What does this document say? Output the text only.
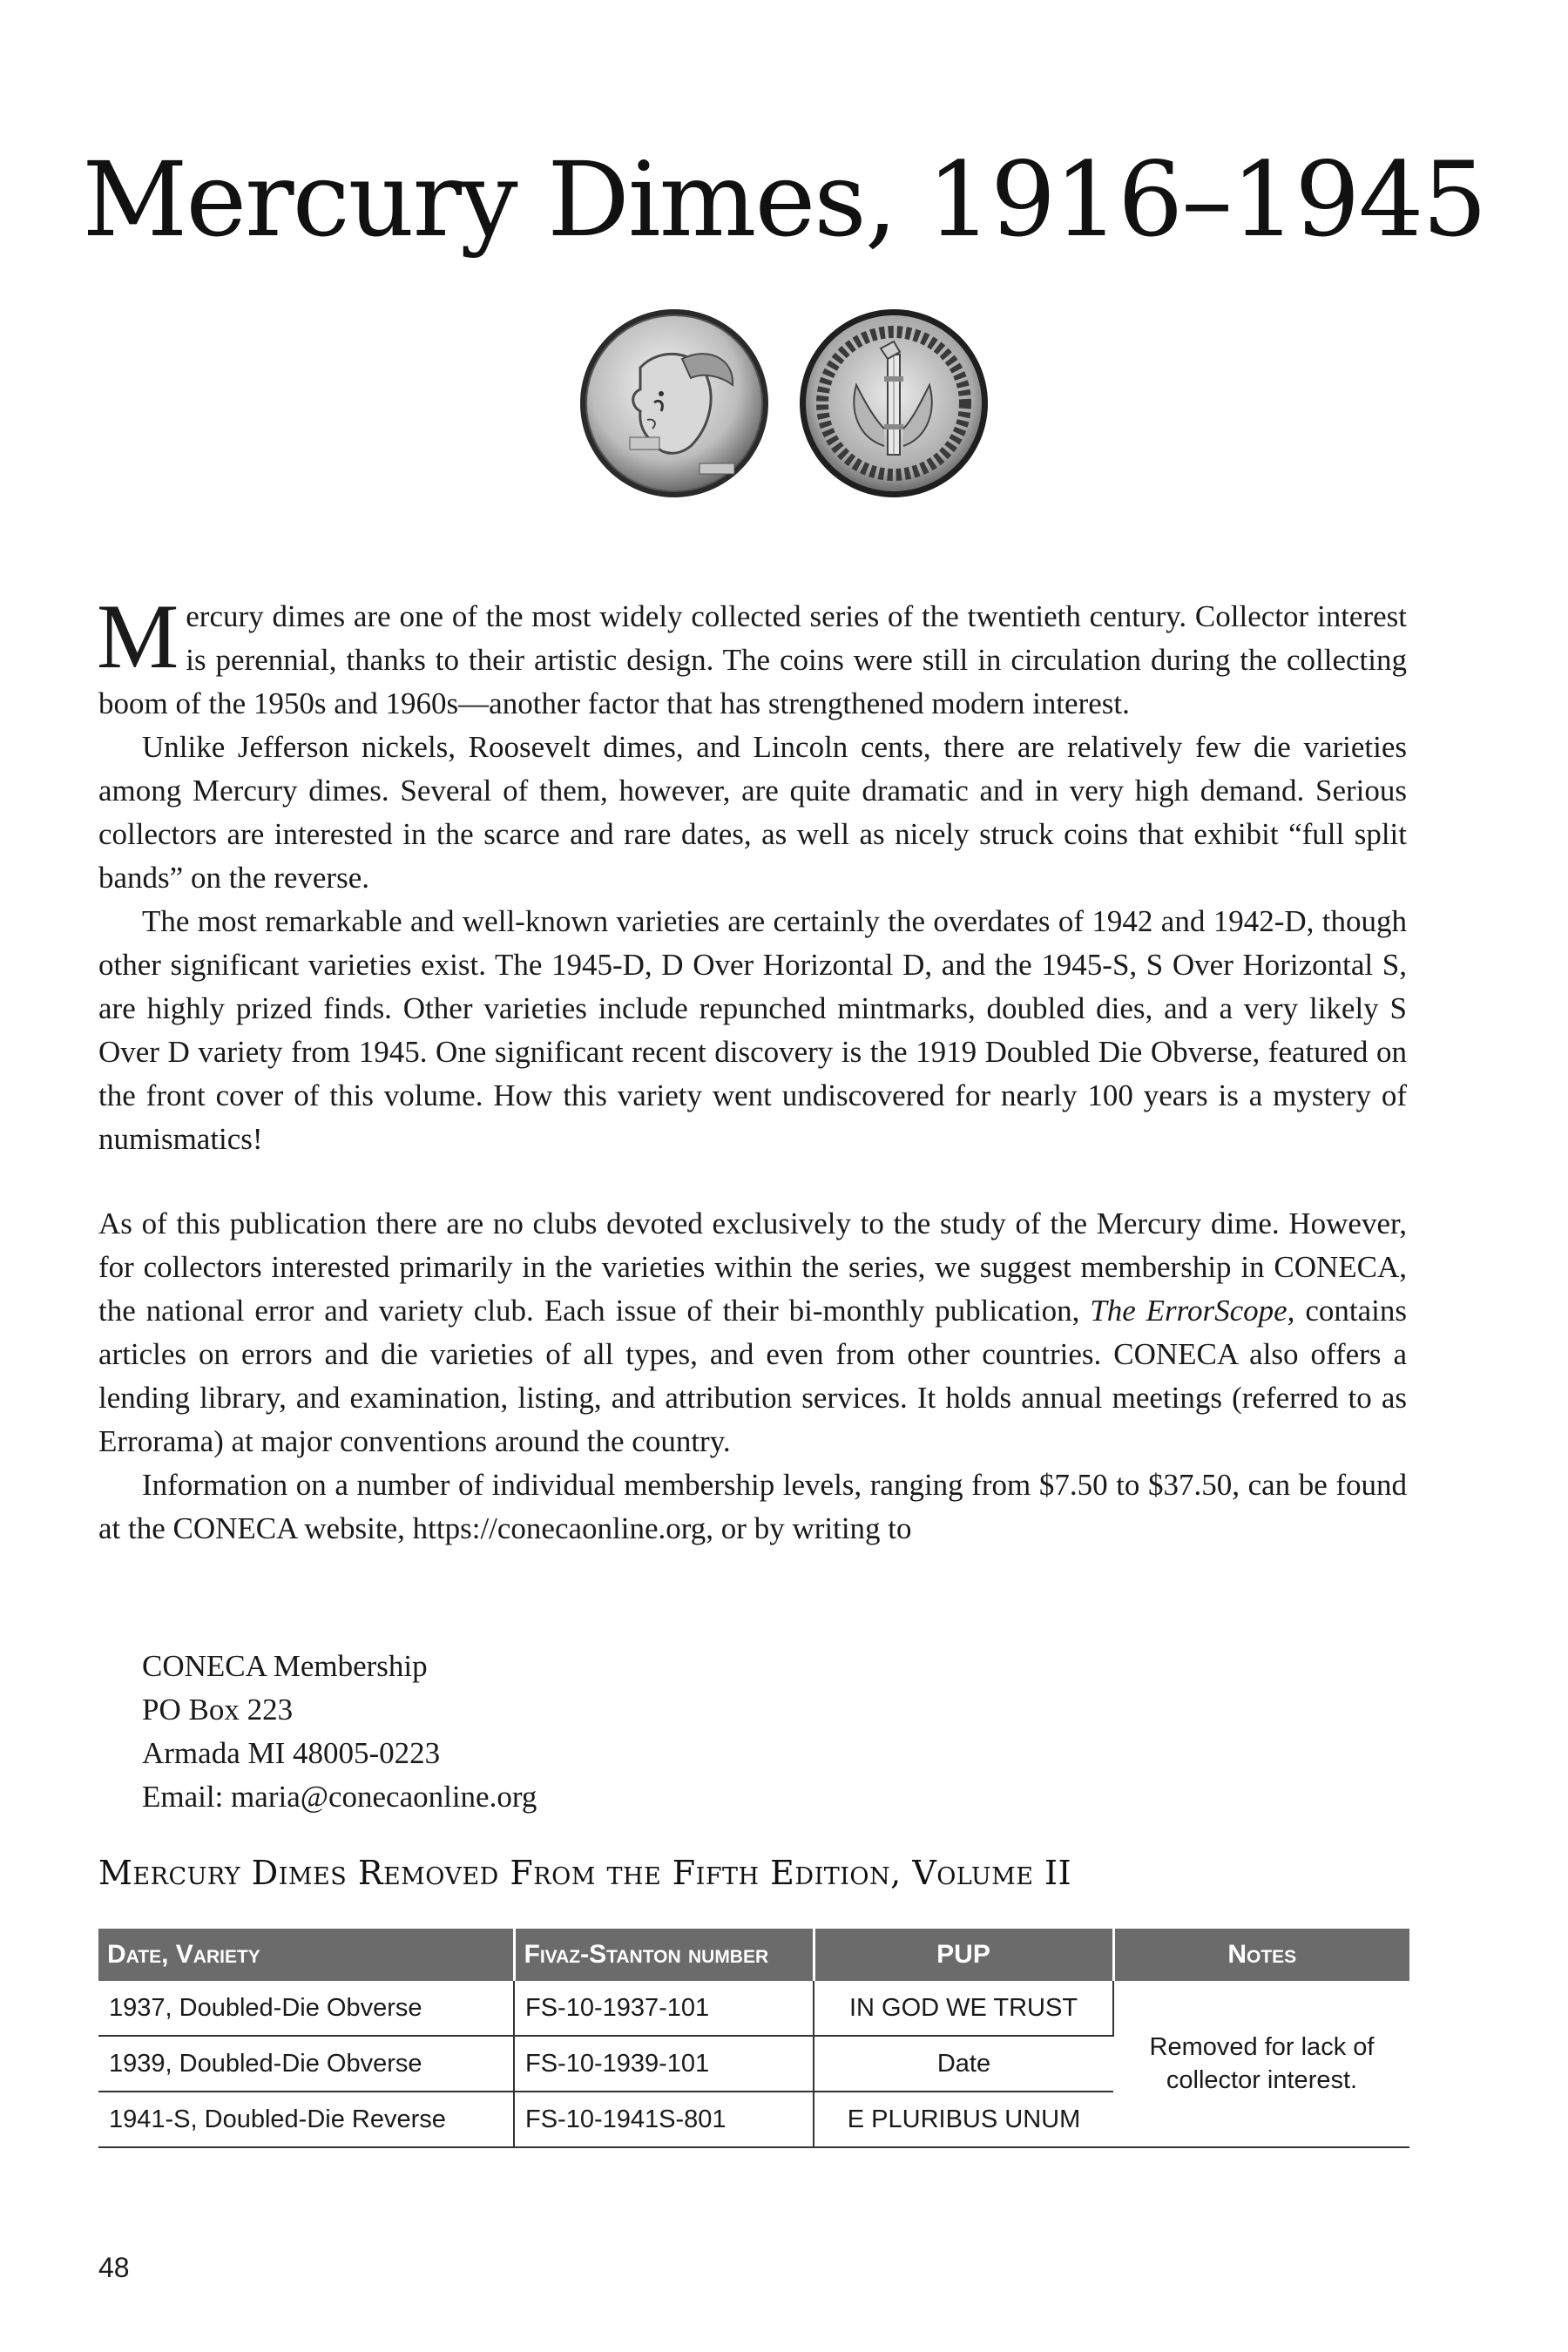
Mercury Dimes, 1916–1945

Mercury dimes are one of the most widely collected series of the twentieth century. Collector interest is perennial, thanks to their artistic design. The coins were still in circulation during the collecting boom of the 1950s and 1960s—another factor that has strengthened modern interest.

Unlike Jefferson nickels, Roosevelt dimes, and Lincoln cents, there are relatively few die varieties among Mercury dimes. Several of them, however, are quite dramatic and in very high demand. Serious collectors are interested in the scarce and rare dates, as well as nicely struck coins that exhibit “full split bands” on the reverse.

The most remarkable and well-known varieties are certainly the overdates of 1942 and 1942-D, though other significant varieties exist. The 1945-D, D Over Horizontal D, and the 1945-S, S Over Horizontal S, are highly prized finds. Other varieties include repunched mintmarks, doubled dies, and a very likely S Over D variety from 1945. One significant recent discovery is the 1919 Doubled Die Obverse, featured on the front cover of this volume. How this variety went undiscovered for nearly 100 years is a mystery of numismatics!

As of this publication there are no clubs devoted exclusively to the study of the Mercury dime. However, for collectors interested primarily in the varieties within the series, we suggest membership in CONECA, the national error and variety club. Each issue of their bi-monthly publication, The ErrorScope, contains articles on errors and die varieties of all types, and even from other countries. CONECA also offers a lending library, and examination, listing, and attribution services. It holds annual meetings (referred to as Errorama) at major conventions around the country.

Information on a number of individual membership levels, ranging from $7.50 to $37.50, can be found at the CONECA website, https://conecaonline.org, or by writing to

CONECA Membership
PO Box 223
Armada MI 48005-0223
Email: maria@conecaonline.org
Mercury Dimes Removed From the Fifth Edition, Volume II
Date, Variety	Fivaz-Stanton number	PUP	Notes
1937, Doubled-Die Obverse	FS-10-1937-101	IN GOD WE TRUST	Removed for lack of collector interest.
1939, Doubled-Die Obverse	FS-10-1939-101	Date	
1941-S, Doubled-Die Reverse	FS-10-1941S-801	E PLURIBUS UNUM	

48
